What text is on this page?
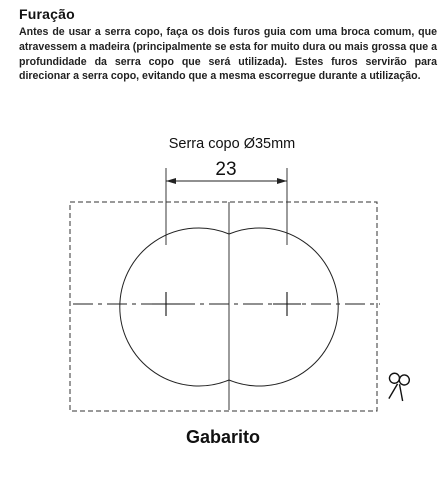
Furação
Antes de usar a serra copo, faça os dois furos guia com uma broca comum, que atravessem a madeira (principalmente se esta for muito dura ou mais grossa que a profundidade da serra copo que será utilizada). Estes furos servirão para direcionar a serra copo, evitando que a mesma escorregue durante a utilização.
Serra copo Ø35mm
23
Gabarito
